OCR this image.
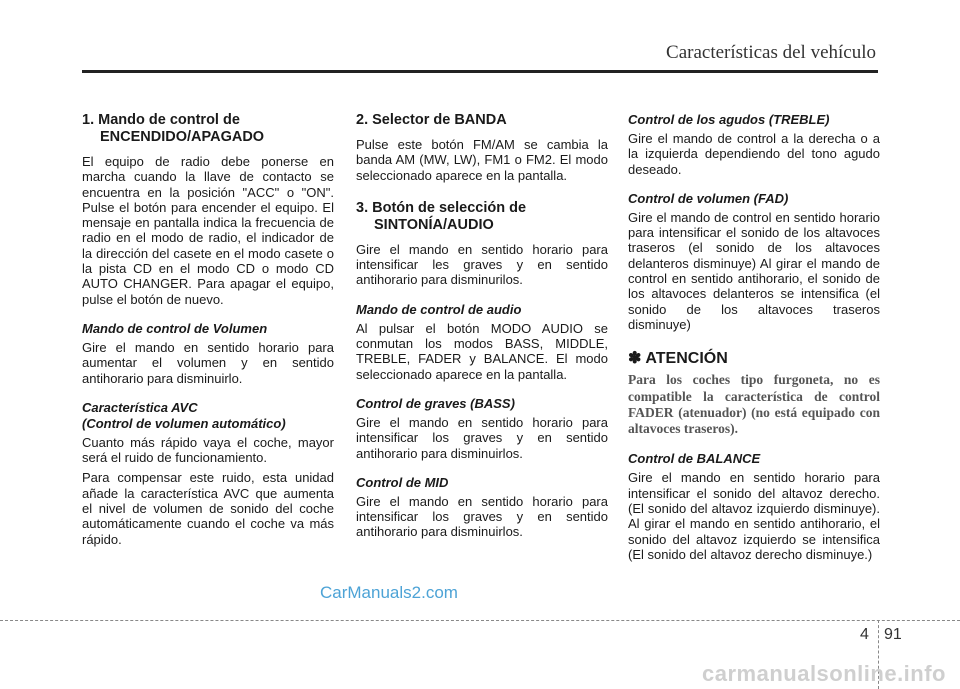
Características del vehículo
1. Mando de control de
ENCENDIDO/APAGADO

El equipo de radio debe ponerse en marcha cuando la llave de contacto se encuentra en la posición "ACC" o "ON". Pulse el botón para encender el equipo. El mensaje en pantalla indica la frecuencia de radio en el modo de radio, el indicador de la dirección del casete en el modo casete o la pista CD en el modo CD o modo CD AUTO CHANGER. Para apagar el equipo, pulse el botón de nuevo.

Mando de control de Volumen

Gire el mando en sentido horario para aumentar el volumen y en sentido antihorario para disminuirlo.

Característica AVC
(Control de volumen automático)

Cuanto más rápido vaya el coche, mayor será el ruido de funcionamiento.

Para compensar este ruido, esta unidad añade la característica AVC que aumenta el nivel de volumen de sonido del coche automáticamente cuando el coche va más rápido.

2. Selector de BANDA

Pulse este botón FM/AM se cambia la banda AM (MW, LW), FM1 o FM2. El modo seleccionado aparece en la pantalla.

3. Botón de selección de
SINTONÍA/AUDIO

Gire el mando en sentido horario para intensificar les graves y en sentido antihorario para disminurilos.

Mando de control de audio

Al pulsar el botón MODO AUDIO se conmutan los modos BASS, MIDDLE, TREBLE, FADER y BALANCE. El modo seleccionado aparece en la pantalla.

Control de graves (BASS)

Gire el mando en sentido horario para intensificar los graves y en sentido antihorario para disminuirlos.

Control de MID

Gire el mando en sentido horario para intensificar los graves y en sentido antihorario para disminuirlos.

Control de los agudos (TREBLE)

Gire el mando de control a la derecha o a la izquierda dependiendo del tono agudo deseado.

Control de volumen (FAD)

Gire el mando de control en sentido horario para intensificar el sonido de los altavoces traseros (el sonido de los altavoces delanteros disminuye) Al girar el mando de control en sentido antihorario, el sonido de los altavoces delanteros se intensifica (el sonido de los altavoces traseros disminuye)

✽ ATENCIÓN

Para los coches tipo furgoneta, no es compatible la característica de control FADER (atenuador) (no está equipado con altavoces traseros).

Control de BALANCE

Gire el mando en sentido horario para intensificar el sonido del altavoz derecho. (El sonido del altavoz izquierdo disminuye). Al girar el mando en sentido antihorario, el sonido del altavoz izquierdo se intensifica (El sonido del altavoz derecho disminuye.)

CarManuals2.com
4 91
carmanualsonline.info
